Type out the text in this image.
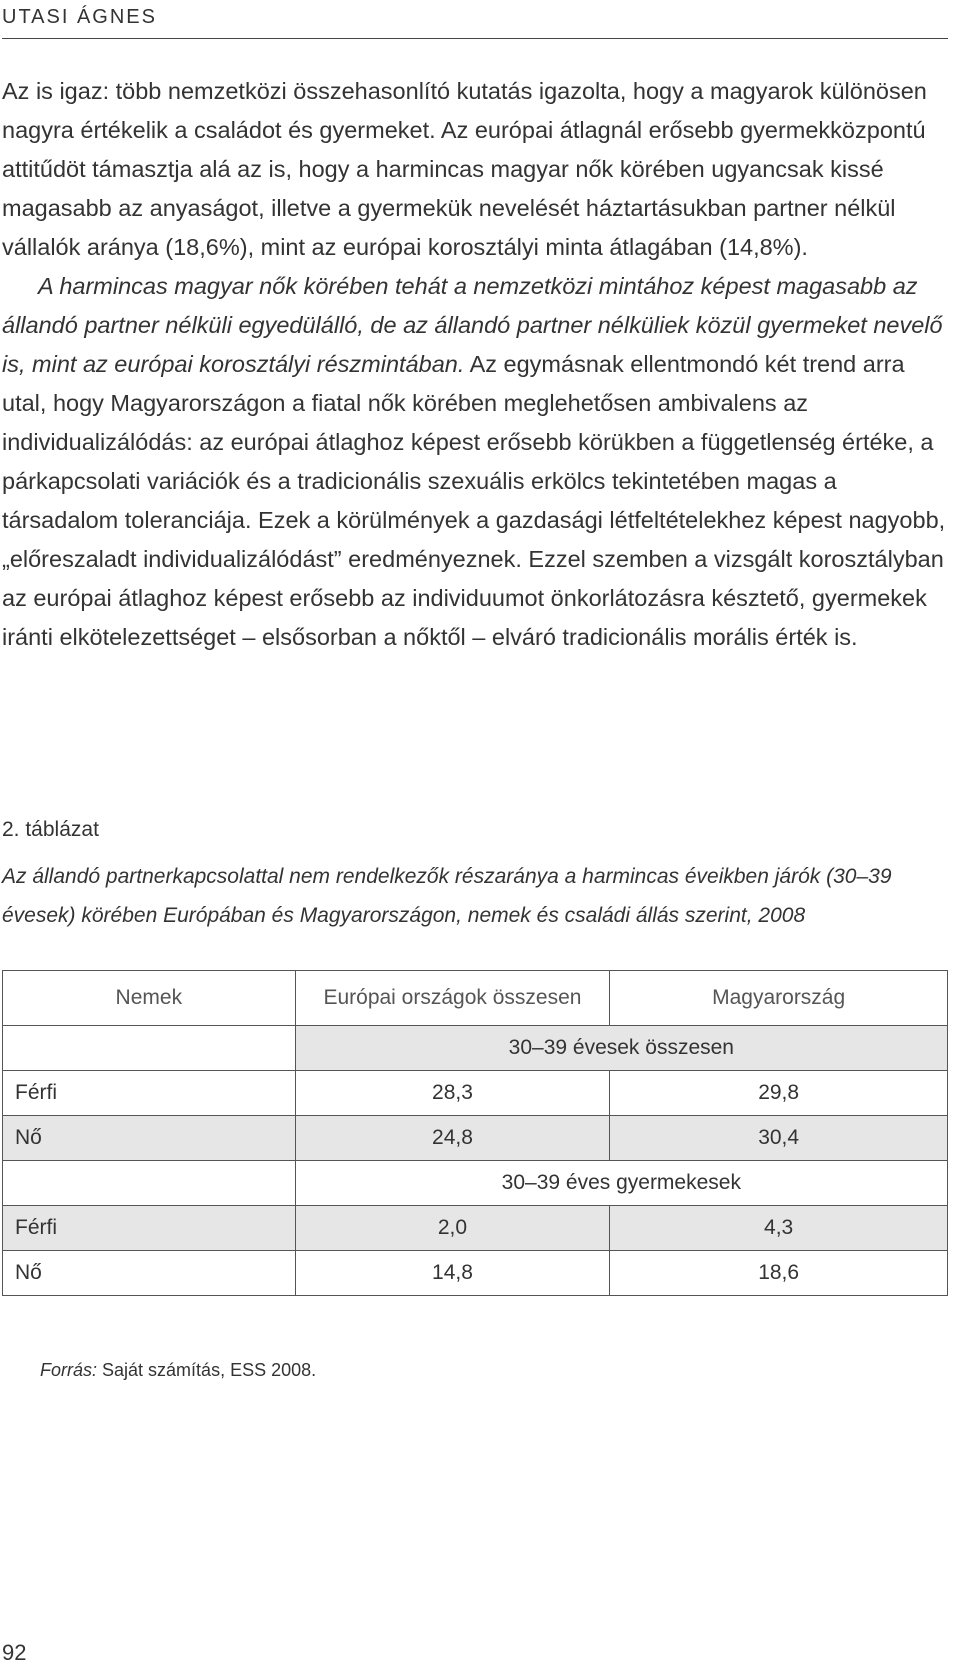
UTASI ÁGNES

Az is igaz: több nemzetközi összehasonlító kutatás igazolta, hogy a magyarok különösen nagyra értékelik a családot és gyermeket. Az európai átlagnál erősebb gyermekközpontú attitűdöt támasztja alá az is, hogy a harmincas magyar nők körében ugyancsak kissé magasabb az anyaságot, illetve a gyermekük nevelését háztartásukban partner nélkül vállalók aránya (18,6%), mint az európai korosztályi minta átlagában (14,8%).

A harmincas magyar nők körében tehát a nemzetközi mintához képest magasabb az állandó partner nélküli egyedülálló, de az állandó partner nélküliek közül gyermeket nevelő is, mint az európai korosztályi részmintában. Az egymásnak ellentmondó két trend arra utal, hogy Magyarországon a fiatal nők körében meglehetősen ambivalens az individualizálódás: az európai átlaghoz képest erősebb körükben a függetlenség értéke, a párkapcsolati variációk és a tradicionális szexuális erkölcs tekintetében magas a társadalom toleranciája. Ezek a körülmények a gazdasági létfeltételekhez képest nagyobb, „előreszaladt individualizálódást” eredményeznek. Ezzel szemben a vizsgált korosztályban az európai átlaghoz képest erősebb az individuumot önkorlátozásra késztető, gyermekek iránti elkötelezettséget – elsősorban a nőktől – elváró tradicionális morális érték is.

2. táblázat
Az állandó partnerkapcsolattal nem rendelkezők részaránya a harmincas éveikben járók (30–39 évesek) körében Európában és Magyarországon, nemek és családi állás szerint, 2008
Nemek	Európai országok összesen	Magyarország
	30–39 évesek összesen	
Férfi	28,3	29,8
Nő	24,8	30,4
	30–39 éves gyermekesek	
Férfi	2,0	4,3
Nő	14,8	18,6
Forrás: Saját számítás, ESS 2008.
92
